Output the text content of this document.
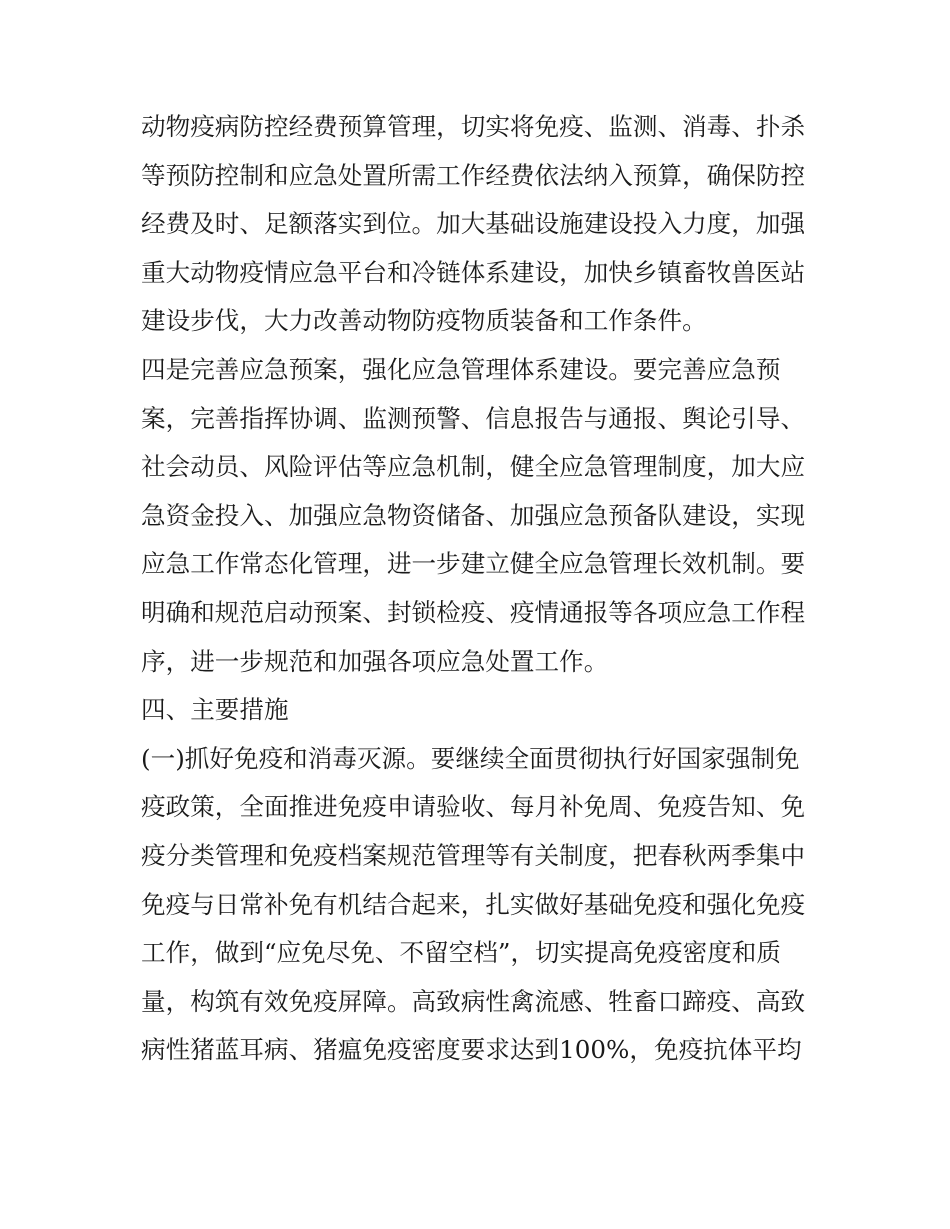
动物疫病防控经费预算管理，切实将免疫、监测、消毒、扑杀
等预防控制和应急处置所需工作经费依法纳入预算，确保防控
经费及时、足额落实到位。加大基础设施建设投入力度，加强
重大动物疫情应急平台和冷链体系建设，加快乡镇畜牧兽医站
建设步伐，大力改善动物防疫物质装备和工作条件。
四是完善应急预案，强化应急管理体系建设。要完善应急预
案，完善指挥协调、监测预警、信息报告与通报、舆论引导、
社会动员、风险评估等应急机制，健全应急管理制度，加大应
急资金投入、加强应急物资储备、加强应急预备队建设，实现
应急工作常态化管理，进一步建立健全应急管理长效机制。要
明确和规范启动预案、封锁检疫、疫情通报等各项应急工作程
序，进一步规范和加强各项应急处置工作。
四、主要措施
(一)抓好免疫和消毒灭源。要继续全面贯彻执行好国家强制免
疫政策，全面推进免疫申请验收、每月补免周、免疫告知、免
疫分类管理和免疫档案规范管理等有关制度，把春秋两季集中
免疫与日常补免有机结合起来，扎实做好基础免疫和强化免疫
工作，做到“应免尽免、不留空档”，切实提高免疫密度和质
量，构筑有效免疫屏障。高致病性禽流感、牲畜口蹄疫、高致
病性猪蓝耳病、猪瘟免疫密度要求达到100%，免疫抗体平均
